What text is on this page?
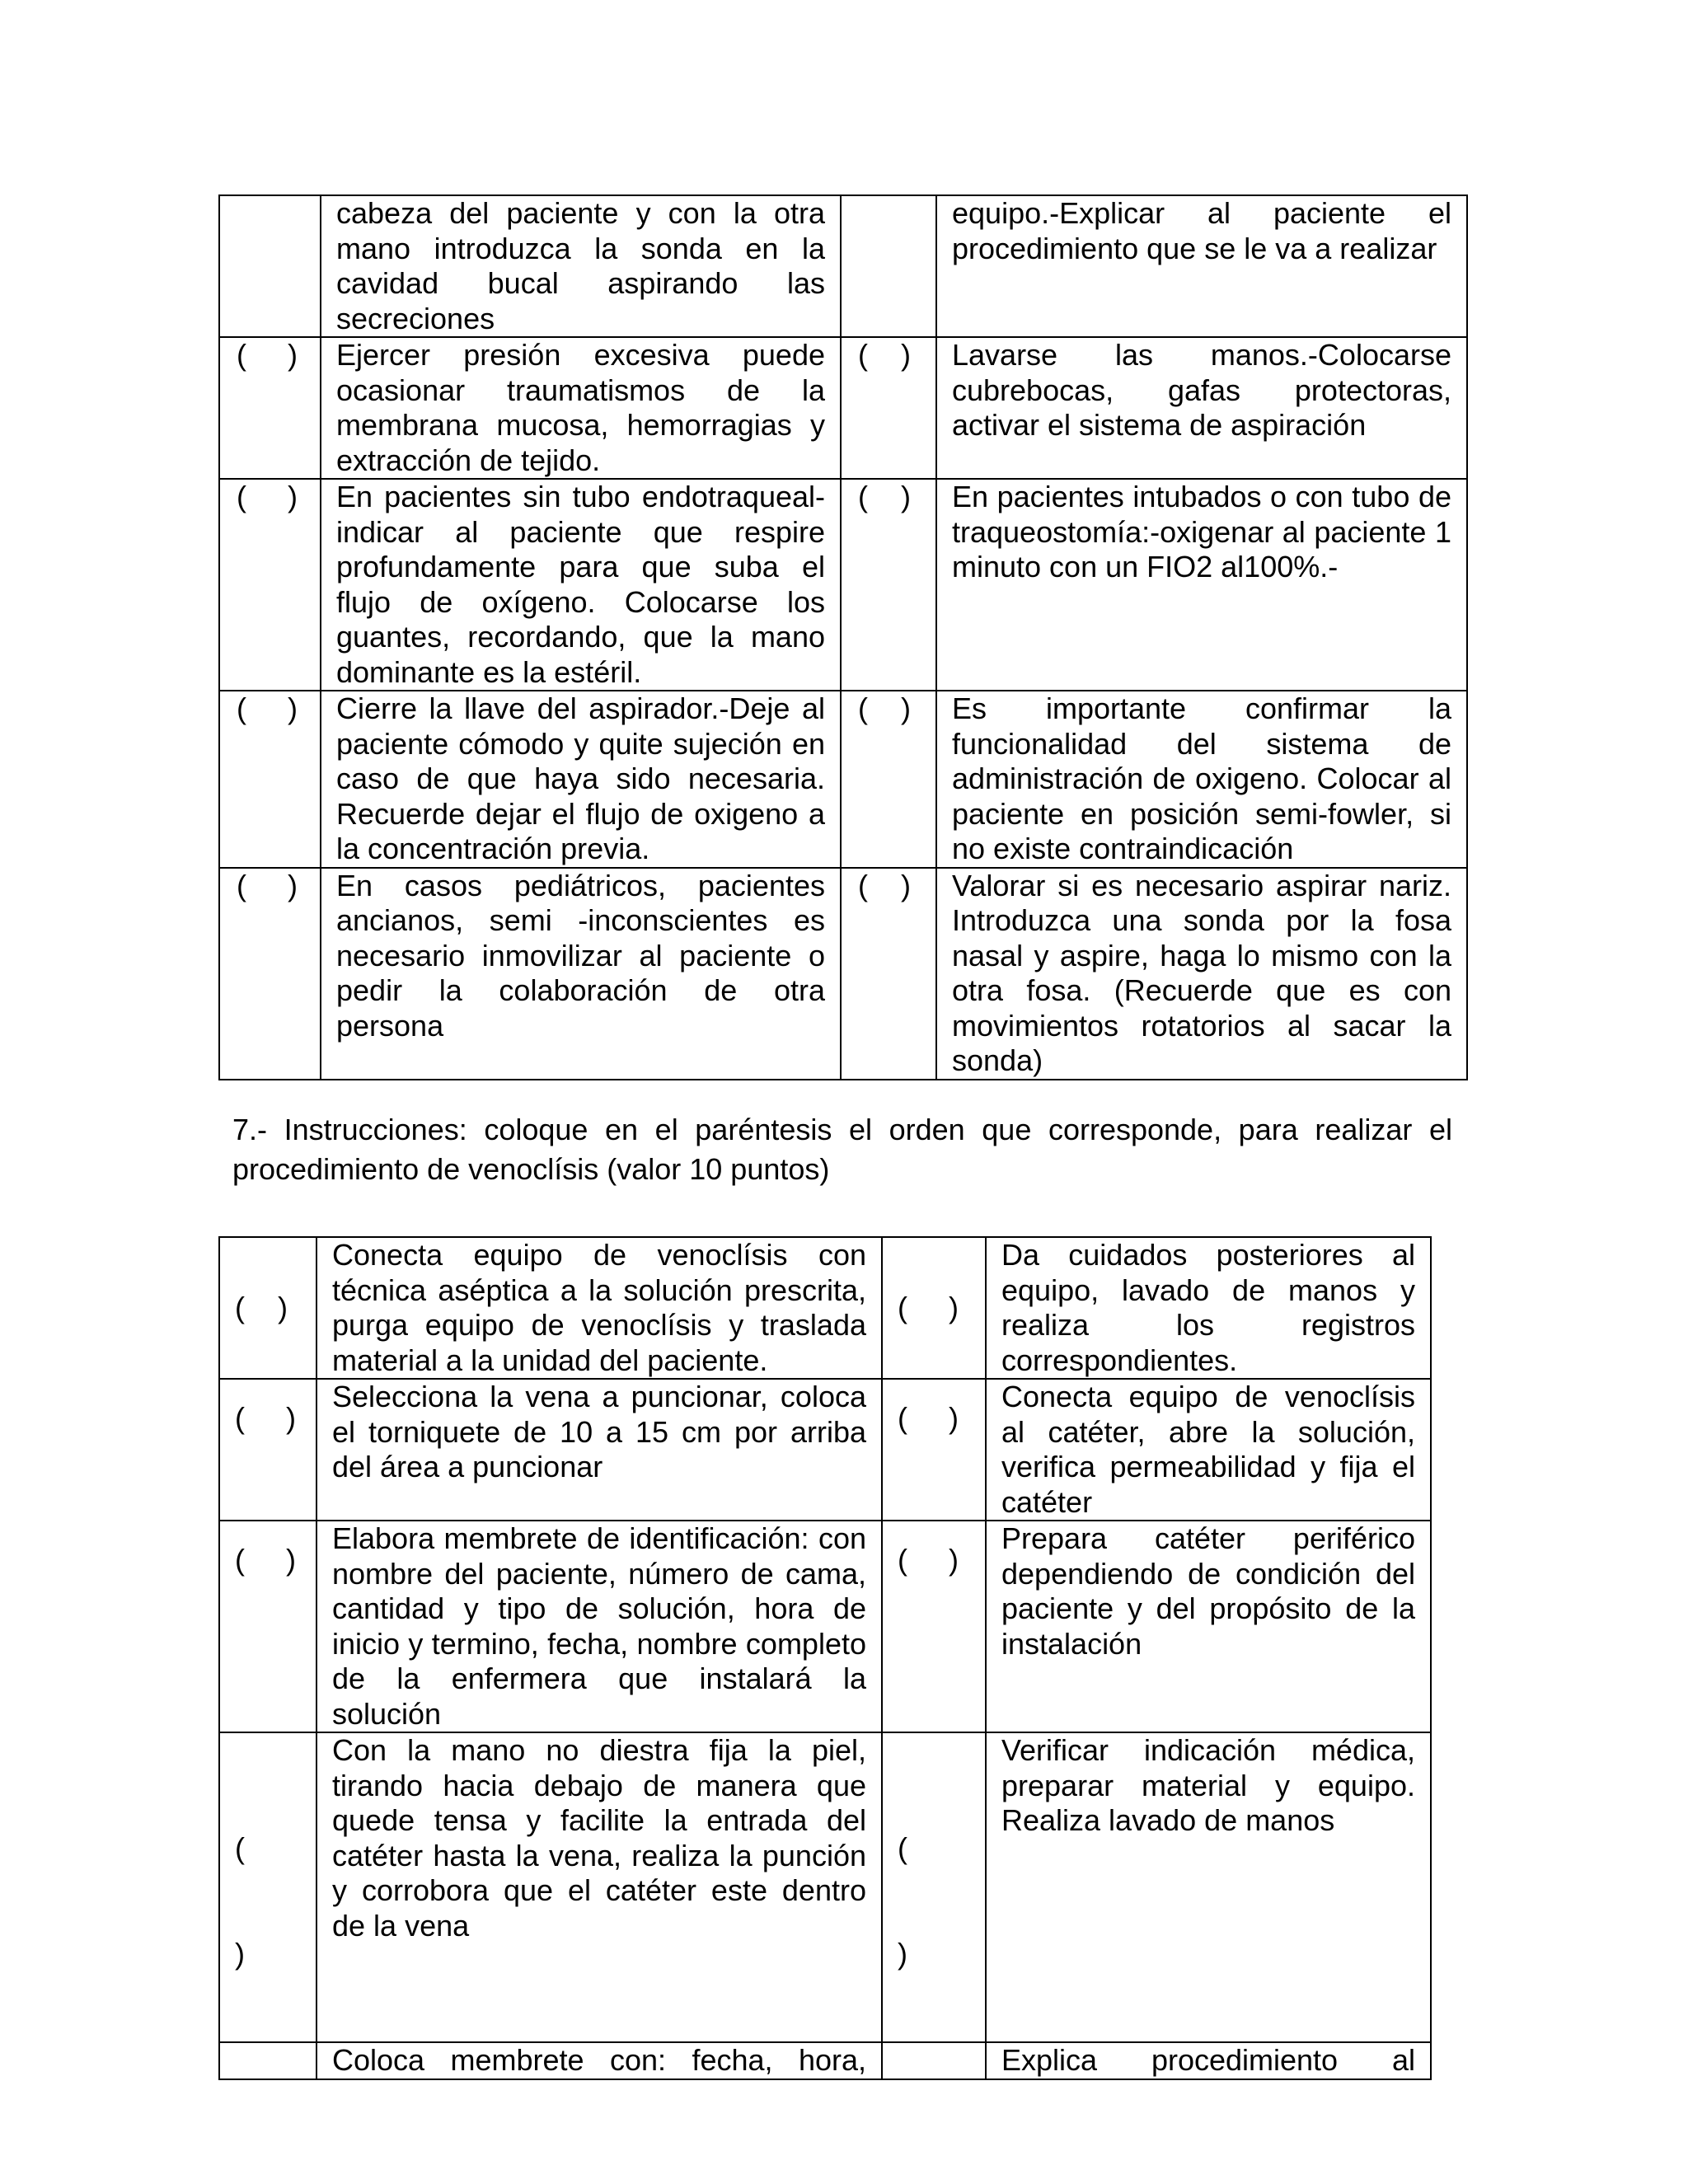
	cabeza del paciente y con la otra mano introduzca la sonda en la cavidad bucal aspirando las secreciones		equipo.-Explicar al paciente el procedimiento que se le va a realizar
(     )	Ejercer presión excesiva puede ocasionar traumatismos de la membrana mucosa, hemorragias y extracción de tejido.	(    )	Lavarse las manos.-Colocarse cubrebocas, gafas protectoras, activar el sistema de aspiración
(     )	En pacientes sin tubo endotraqueal- indicar al paciente que respire profundamente para que suba el flujo de oxígeno. Colocarse los guantes, recordando, que la mano dominante es la estéril.	(    )	En pacientes intubados o con tubo de traqueostomía:-oxigenar al paciente 1 minuto con un FIO2 al100%.-
(     )	Cierre la llave del aspirador.-Deje al paciente cómodo y quite sujeción en caso de que haya sido necesaria. Recuerde dejar el flujo de oxigeno a la concentración previa.	(    )	Es importante confirmar la funcionalidad del sistema de administración de oxigeno. Colocar al paciente en posición semi-fowler, si no existe contraindicación
(     )	En casos pediátricos, pacientes ancianos, semi -inconscientes es necesario inmovilizar al paciente o pedir la colaboración de otra persona	(    )	Valorar si es necesario aspirar nariz. Introduzca una sonda por la fosa nasal y aspire, haga lo mismo con la otra fosa. (Recuerde que es con movimientos rotatorios al sacar la sonda)

7.- Instrucciones: coloque en el paréntesis el orden que corresponde, para realizar el procedimiento de venoclísis (valor 10 puntos)

(    )	Conecta equipo de venoclísis con técnica aséptica a la solución prescrita, purga equipo de venoclísis y traslada material a la unidad del paciente.	(     )	Da cuidados posteriores al equipo, lavado de manos y realiza los registros correspondientes.
(     )	Selecciona la vena a puncionar, coloca el torniquete de 10 a 15 cm por arriba del área a puncionar	(     )	Conecta equipo de venoclísis al catéter, abre la solución, verifica permeabilidad y fija el catéter
(     )	Elabora membrete de identificación: con nombre del paciente, número de cama, cantidad y tipo de solución, hora de inicio y termino, fecha, nombre completo de la enfermera que instalará la solución	(     )	Prepara catéter periférico dependiendo de condición del paciente y del propósito de la instalación

(

)	Con la mano no diestra fija la piel, tirando hacia debajo de manera que quede tensa y facilite la entrada del catéter hasta la vena, realiza la punción y corrobora que el catéter este dentro de la vena	(

)	Verificar indicación médica, preparar material y equipo. Realiza lavado de manos
	Coloca membrete con: fecha, hora,		Explica procedimiento al
